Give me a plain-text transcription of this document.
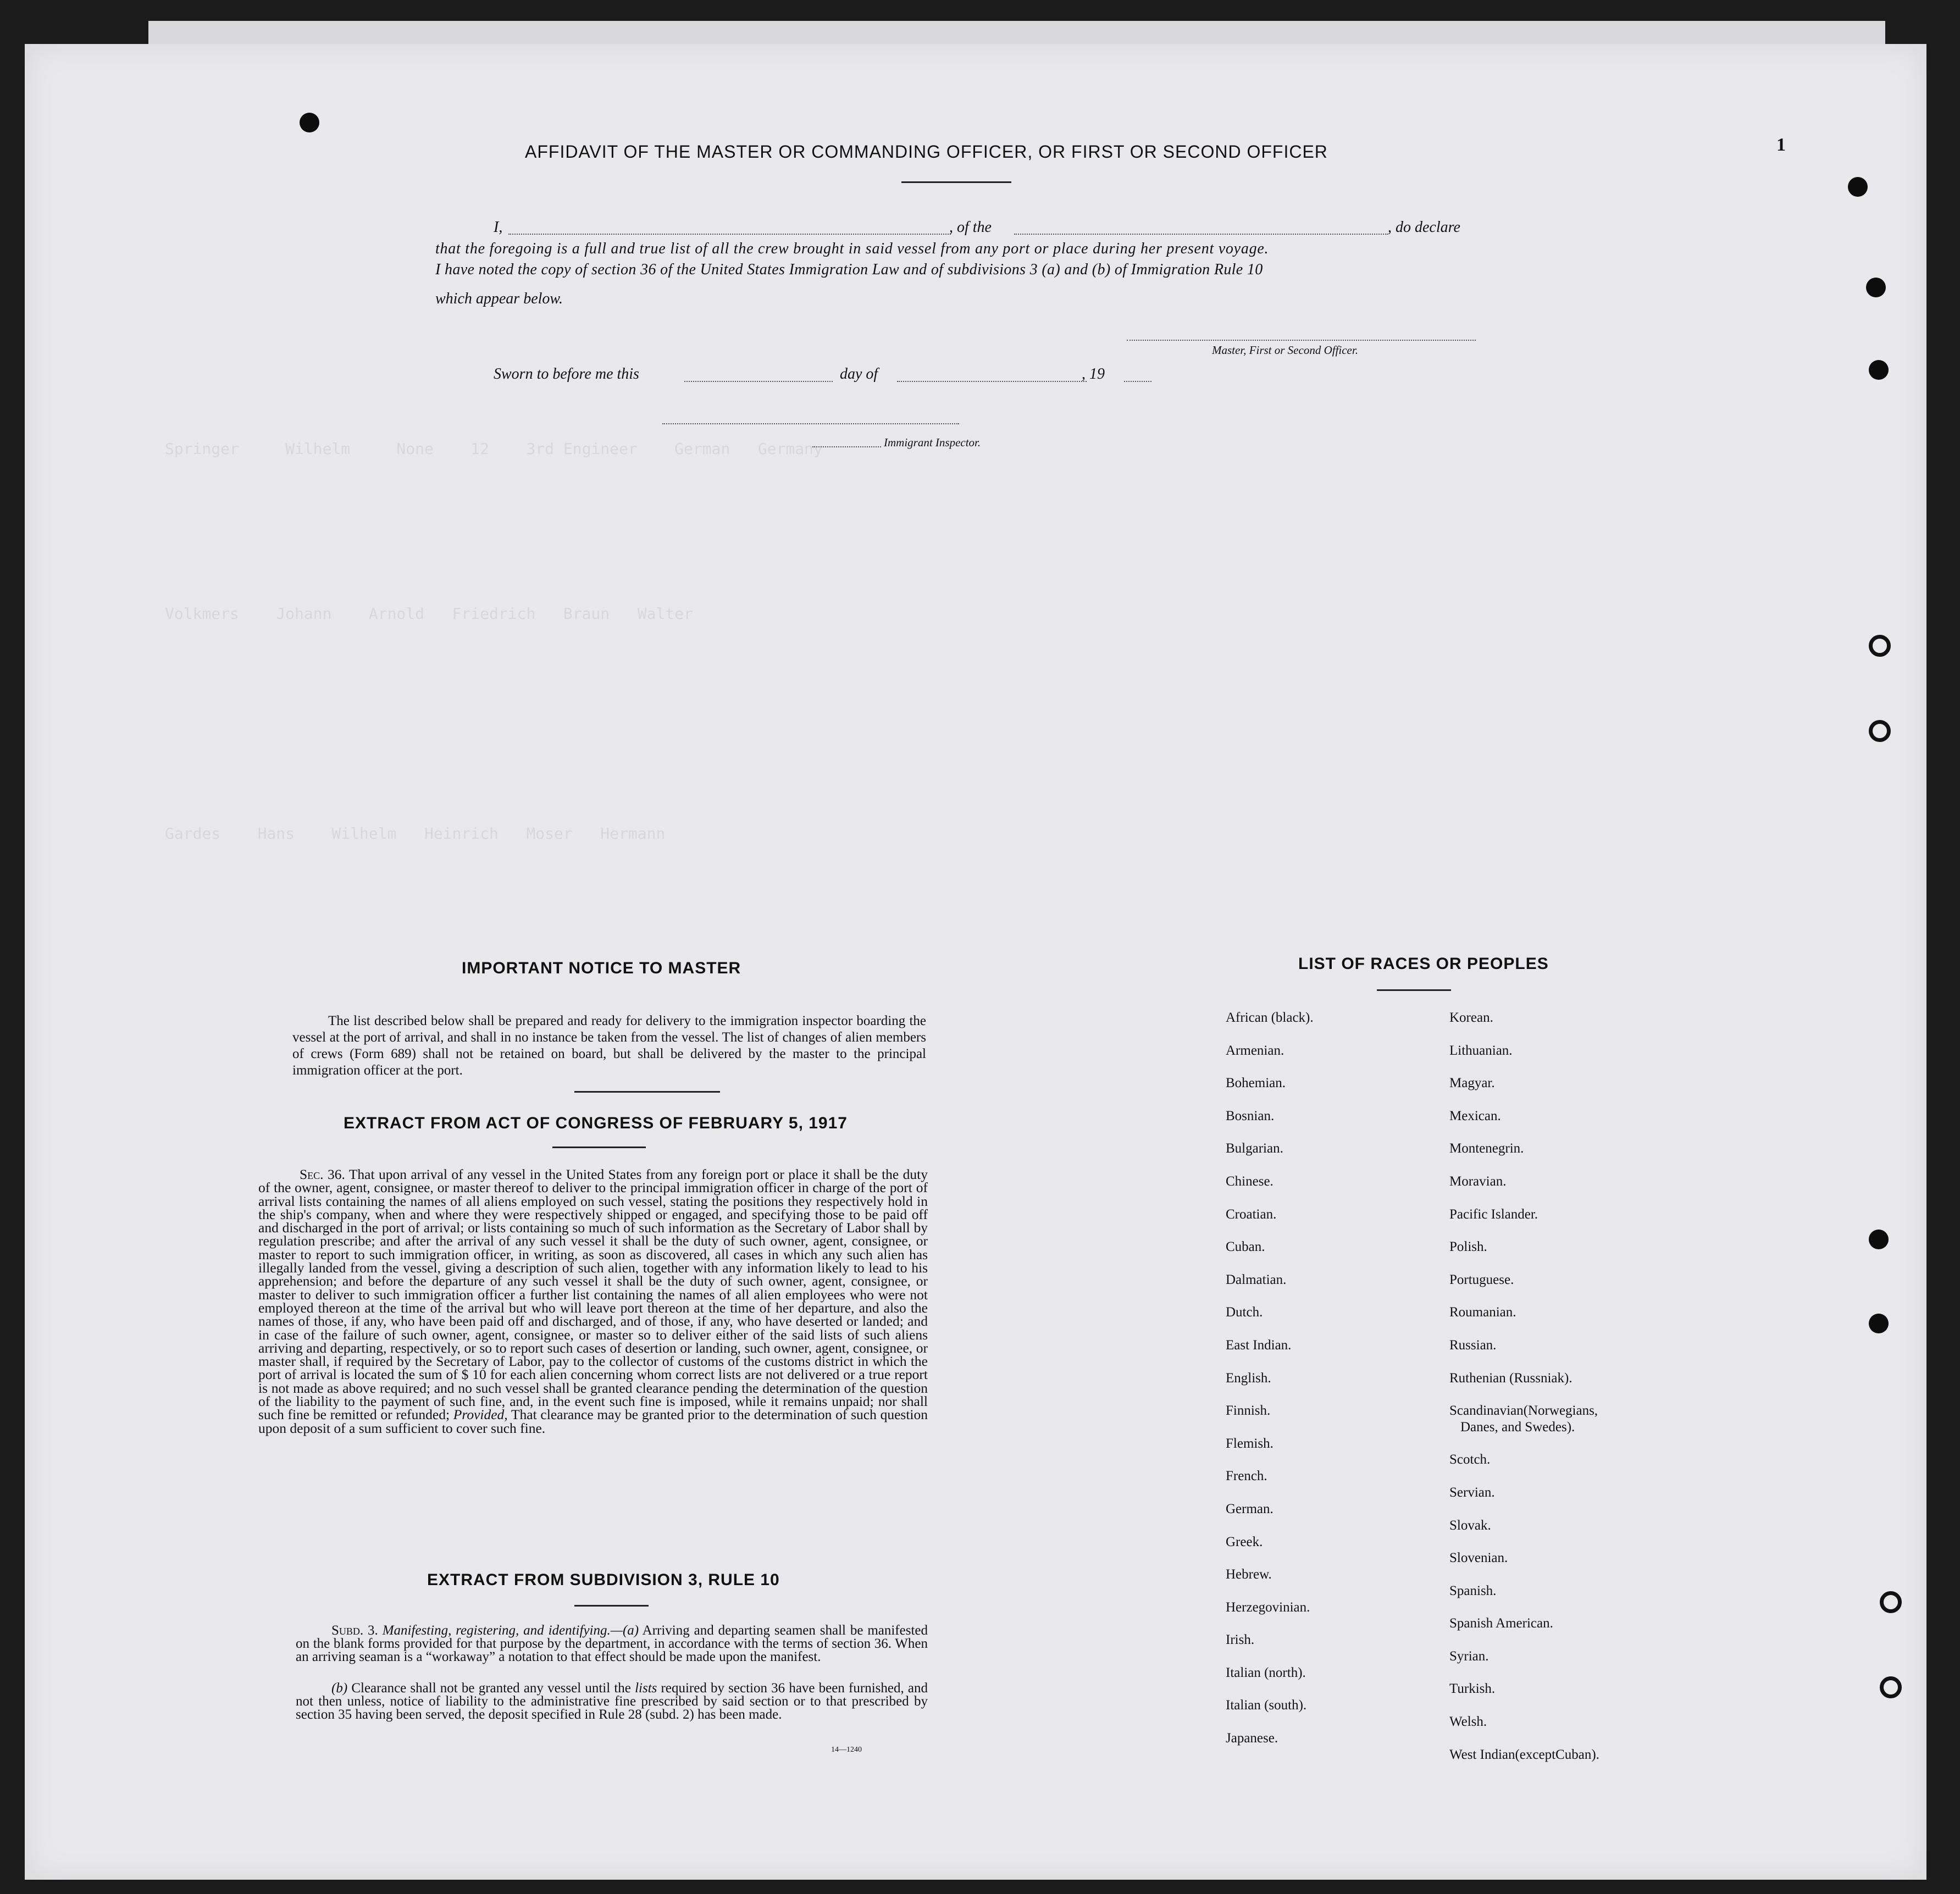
Springer     Wilhelm     None    12    3rd Engineer    German   Germany
Volkmers    Johann    Arnold   Friedrich   Braun   Walter
Gardes    Hans    Wilhelm   Heinrich   Moser   Hermann
1
AFFIDAVIT OF THE MASTER OR COMMANDING OFFICER, OR FIRST OR SECOND OFFICER
I,	, of the	, do declare
that the foregoing is a full and true list of all the crew brought in said vessel from any port or place during her present voyage.
I have noted the copy of section 36 of the United States Immigration Law and of subdivisions 3 (a) and (b) of Immigration Rule 10
which appear below.
Master, First or Second Officer.
Sworn to before me this	day of	, 19
Immigrant Inspector.
IMPORTANT NOTICE TO MASTER
The list described below shall be prepared and ready for delivery to the immigration inspector boarding the vessel at the port of arrival, and shall in no instance be taken from the vessel. The list of changes of alien members of crews (Form 689) shall not be retained on board, but shall be delivered by the master to the principal immigration officer at the port.
EXTRACT FROM ACT OF CONGRESS OF FEBRUARY 5, 1917
Sec. 36. That upon arrival of any vessel in the United States from any foreign port or place it shall be the duty of the owner, agent, consignee, or master thereof to deliver to the principal immigration officer in charge of the port of arrival lists containing the names of all aliens employed on such vessel, stating the positions they respectively hold in the ship's company, when and where they were respectively shipped or engaged, and specifying those to be paid off and discharged in the port of arrival; or lists containing so much of such information as the Secretary of Labor shall by regulation prescribe; and after the arrival of any such vessel it shall be the duty of such owner, agent, consignee, or master to report to such immigration officer, in writing, as soon as discovered, all cases in which any such alien has illegally landed from the vessel, giving a description of such alien, together with any information likely to lead to his apprehension; and before the departure of any such vessel it shall be the duty of such owner, agent, consignee, or master to deliver to such immigration officer a further list containing the names of all alien employees who were not employed thereon at the time of the arrival but who will leave port thereon at the time of her departure, and also the names of those, if any, who have been paid off and discharged, and of those, if any, who have deserted or landed; and in case of the failure of such owner, agent, consignee, or master so to deliver either of the said lists of such aliens arriving and departing, respectively, or so to report such cases of desertion or landing, such owner, agent, consignee, or master shall, if required by the Secretary of Labor, pay to the collector of customs of the customs district in which the port of arrival is located the sum of $ 10 for each alien concerning whom correct lists are not delivered or a true report is not made as above required; and no such vessel shall be granted clearance pending the determination of the question of the liability to the payment of such fine, and, in the event such fine is imposed, while it remains unpaid; nor shall such fine be remitted or refunded; Provided, That clearance may be granted prior to the determination of such question upon deposit of a sum sufficient to cover such fine.
EXTRACT FROM SUBDIVISION 3, RULE 10
Subd. 3. Manifesting, registering, and identifying.—(a) Arriving and departing seamen shall be manifested on the blank forms provided for that purpose by the department, in accordance with the terms of section 36. When an arriving seaman is a “workaway” a notation to that effect should be made upon the manifest.
(b) Clearance shall not be granted any vessel until the lists required by section 36 have been furnished, and not then unless, notice of liability to the administrative fine prescribed by said section or to that prescribed by section 35 having been served, the deposit specified in Rule 28 (subd. 2) has been made.
14—1240
LIST OF RACES OR PEOPLES
African (black).
Armenian.
Bohemian.
Bosnian.
Bulgarian.
Chinese.
Croatian.
Cuban.
Dalmatian.
Dutch.
East Indian.
English.
Finnish.
Flemish.
French.
German.
Greek.
Hebrew.
Herzegovinian.
Irish.
Italian (north).
Italian (south).
Japanese.
Korean.
Lithuanian.
Magyar.
Mexican.
Montenegrin.
Moravian.
Pacific Islander.
Polish.
Portuguese.
Roumanian.
Russian.
Ruthenian (Russniak).
Scandinavian(Norwegians,
Danes, and Swedes).
Scotch.
Servian.
Slovak.
Slovenian.
Spanish.
Spanish American.
Syrian.
Turkish.
Welsh.
West Indian(exceptCuban).
